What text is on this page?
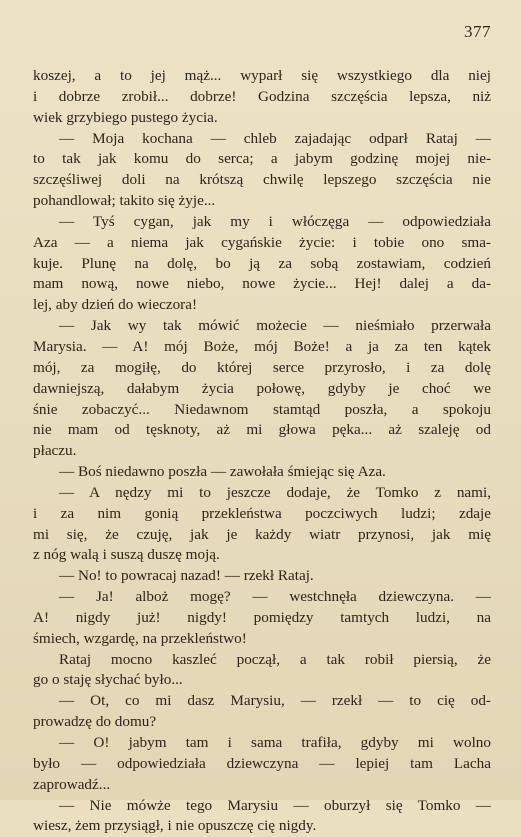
377
koszej, a to jej mąż... wyparł się wszystkiego dla niej
i dobrze zrobił... dobrze! Godzina szczęścia lepsza, niż
wiek grzybiego pustego życia.
— Moja kochana — chleb zajadając odparł Rataj —
to tak jak komu do serca; a jabym godzinę mojej nie-
szczęśliwej doli na krótszą chwilę lepszego szczęścia nie
pohandlował; takito się żyje...
— Tyś cygan, jak my i włóczęga — odpowiedziała
Aza — a niema jak cygańskie życie: i tobie ono sma-
kuje. Plunę na dolę, bo ją za sobą zostawiam, codzień
mam nową, nowe niebo, nowe życie... Hej! dalej a da-
lej, aby dzień do wieczora!
— Jak wy tak mówić możecie — nieśmiało przerwała
Marysia. — A! mój Boże, mój Boże! a ja za ten kątek
mój, za mogiłę, do której serce przyrosło, i za dolę
dawniejszą, dałabym życia połowę, gdyby je choć we
śnie zobaczyć... Niedawnom stamtąd poszła, a spokoju
nie mam od tęsknoty, aż mi głowa pęka... aż szaleję od
płaczu.
— Boś niedawno poszła — zawołała śmiejąc się Aza.
— A nędzy mi to jeszcze dodaje, że Tomko z nami,
i za nim gonią przekleństwa poczciwych ludzi; zdaje
mi się, że czuję, jak je każdy wiatr przynosi, jak mię
z nóg walą i suszą duszę moją.
— No! to powracaj nazad! — rzekł Rataj.
— Ja! alboż mogę? — westchnęła dziewczyna. —
A! nigdy już! nigdy! pomiędzy tamtych ludzi, na
śmiech, wzgardę, na przekleństwo!
Rataj mocno kaszleć począł, a tak robił piersią, że
go o staję słychać było...
— Ot, co mi dasz Marysiu, — rzekł — to cię od-
prowadzę do domu?
— O! jabym tam i sama trafiła, gdyby mi wolno
było — odpowiedziała dziewczyna — lepiej tam Lacha
zaprowadź...
— Nie mówże tego Marysiu — oburzył się Tomko —
wiesz, żem przysiągł, i nie opuszczę cię nigdy.
